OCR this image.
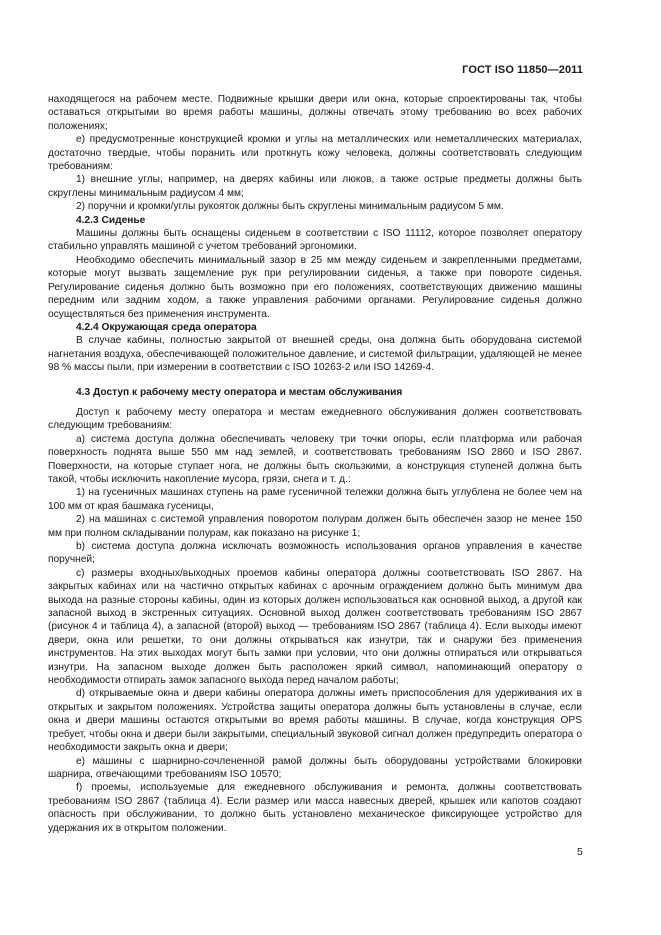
ГОСТ ISO 11850—2011

находящегося на рабочем месте. Подвижные крышки двери или окна, которые спроектированы так, чтобы оставаться открытыми во время работы машины, должны отвечать этому требованию во всех рабочих положениях;

е) предусмотренные конструкцией кромки и углы на металлических или неметаллических материалах, достаточно твердые, чтобы поранить или проткнуть кожу человека, должны соответствовать следующим требованиям:

1) внешние углы, например, на дверях кабины или люков, а также острые предметы должны быть скруглены минимальным радиусом 4 мм;

2) поручни и кромки/углы рукояток должны быть скруглены минимальным радиусом 5 мм.

4.2.3 Сиденье

Машины должны быть оснащены сиденьем в соответствии с ISO 11112, которое позволяет оператору стабильно управлять машиной с учетом требований эргономики.

Необходимо обеспечить минимальный зазор в 25 мм между сиденьем и закрепленными предметами, которые могут вызвать защемление рук при регулировании сиденья, а также при повороте сиденья. Регулирование сиденья должно быть возможно при его положениях, соответствующих движению машины передним или задним ходом, а также управления рабочими органами. Регулирование сиденья должно осуществляться без применения инструмента.

4.2.4 Окружающая среда оператора

В случае кабины, полностью закрытой от внешней среды, она должна быть оборудована системой нагнетания воздуха, обеспечивающей положительное давление, и системой фильтрации, удаляющей не менее 98 % массы пыли, при измерении в соответствии с ISO 10263-2 или ISO 14269-4.

4.3 Доступ к рабочему месту оператора и местам обслуживания

Доступ к рабочему месту оператора и местам ежедневного обслуживания должен соответствовать следующим требованиям:

а) система доступа должна обеспечивать человеку три точки опоры, если платформа или рабочая поверхность поднята выше 550 мм над землей, и соответствовать требованиям ISO 2860 и ISO 2867. Поверхности, на которые ступает нога, не должны быть скользкими, а конструкция ступеней должна быть такой, чтобы исключить накопление мусора, грязи, снега и т. д.:

1) на гусеничных машинах ступень на раме гусеничной тележки должна быть углублена не более чем на 100 мм от края башмака гусеницы,

2) на машинах с системой управления поворотом полурам должен быть обеспечен зазор не менее 150 мм при полном складывании полурам, как показано на рисунке 1;

b) система доступа должна исключать возможность использования органов управления в качестве поручней;

c) размеры входных/выходных проемов кабины оператора должны соответствовать ISO 2867. На закрытых кабинах или на частично открытых кабинах с арочным ограждением должно быть минимум два выхода на разные стороны кабины, один из которых должен использоваться как основной выход, а другой как запасной выход в экстренных ситуациях. Основной выход должен соответствовать требованиям ISO 2867 (рисунок 4 и таблица 4), а запасной (второй) выход — требованиям ISO 2867 (таблица 4). Если выходы имеют двери, окна или решетки, то они должны открываться как изнутри, так и снаружи без применения инструментов. На этих выходах могут быть замки при условии, что они должны отпираться или открываться изнутри. На запасном выходе должен быть расположен яркий символ, напоминающий оператору о необходимости отпирать замок запасного выхода перед началом работы;

d) открываемые окна и двери кабины оператора должны иметь приспособления для удерживания их в открытых и закрытом положениях. Устройства защиты оператора должны быть установлены в случае, если окна и двери машины остаются открытыми во время работы машины. В случае, когда конструкция OPS требует, чтобы окна и двери были закрытыми, специальный звуковой сигнал должен предупредить оператора о необходимости закрыть окна и двери;

е) машины с шарнирно-сочлененной рамой должны быть оборудованы устройствами блокировки шарнира, отвечающими требованиям ISO 10570;

f) проемы, используемые для ежедневного обслуживания и ремонта, должны соответствовать требованиям ISO 2867 (таблица 4). Если размер или масса навесных дверей, крышек или капотов создают опасность при обслуживании, то должно быть установлено механическое фиксирующее устройство для удержания их в открытом положении.

5
